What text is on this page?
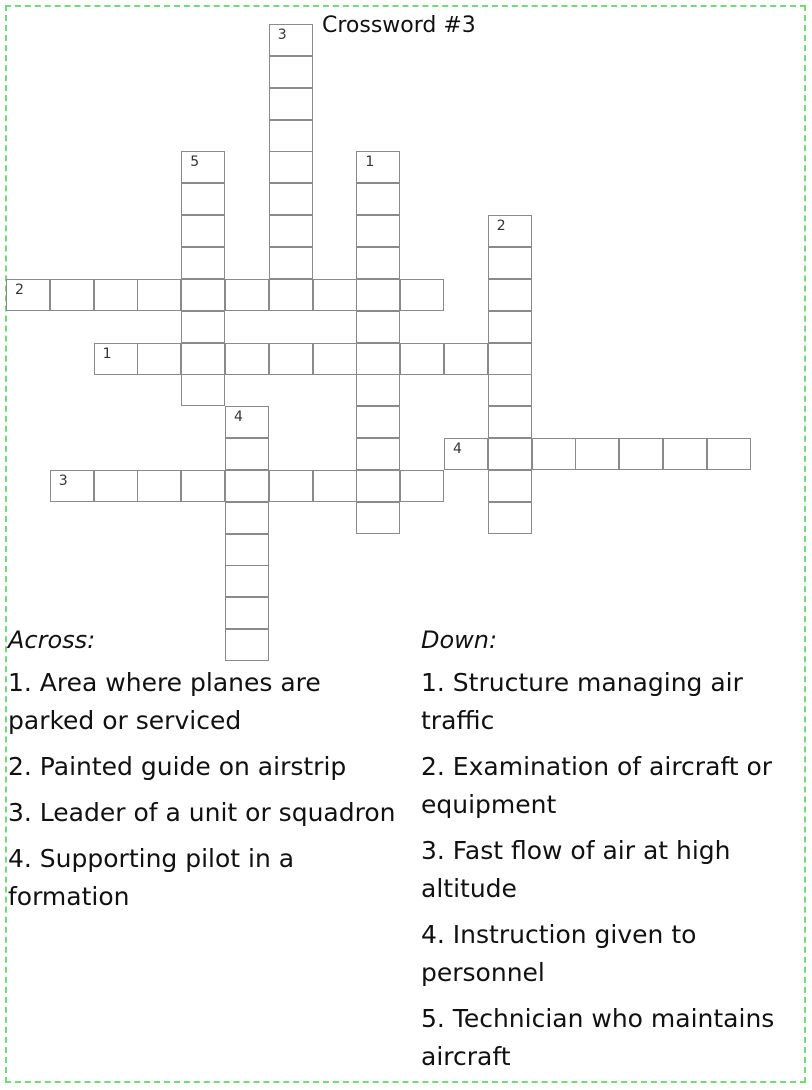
Crossword #3
2
1
4
3
3
5	1
2
4
Across:	Down:
1. Area where planes are parked or serviced
2. Painted guide on airstrip
3. Leader of a unit or squadron
4. Supporting pilot in a formation
1. Structure managing air traffic
2. Examination of aircraft or equipment
3. Fast flow of air at high altitude
4. Instruction given to personnel
5. Technician who maintains aircraft
